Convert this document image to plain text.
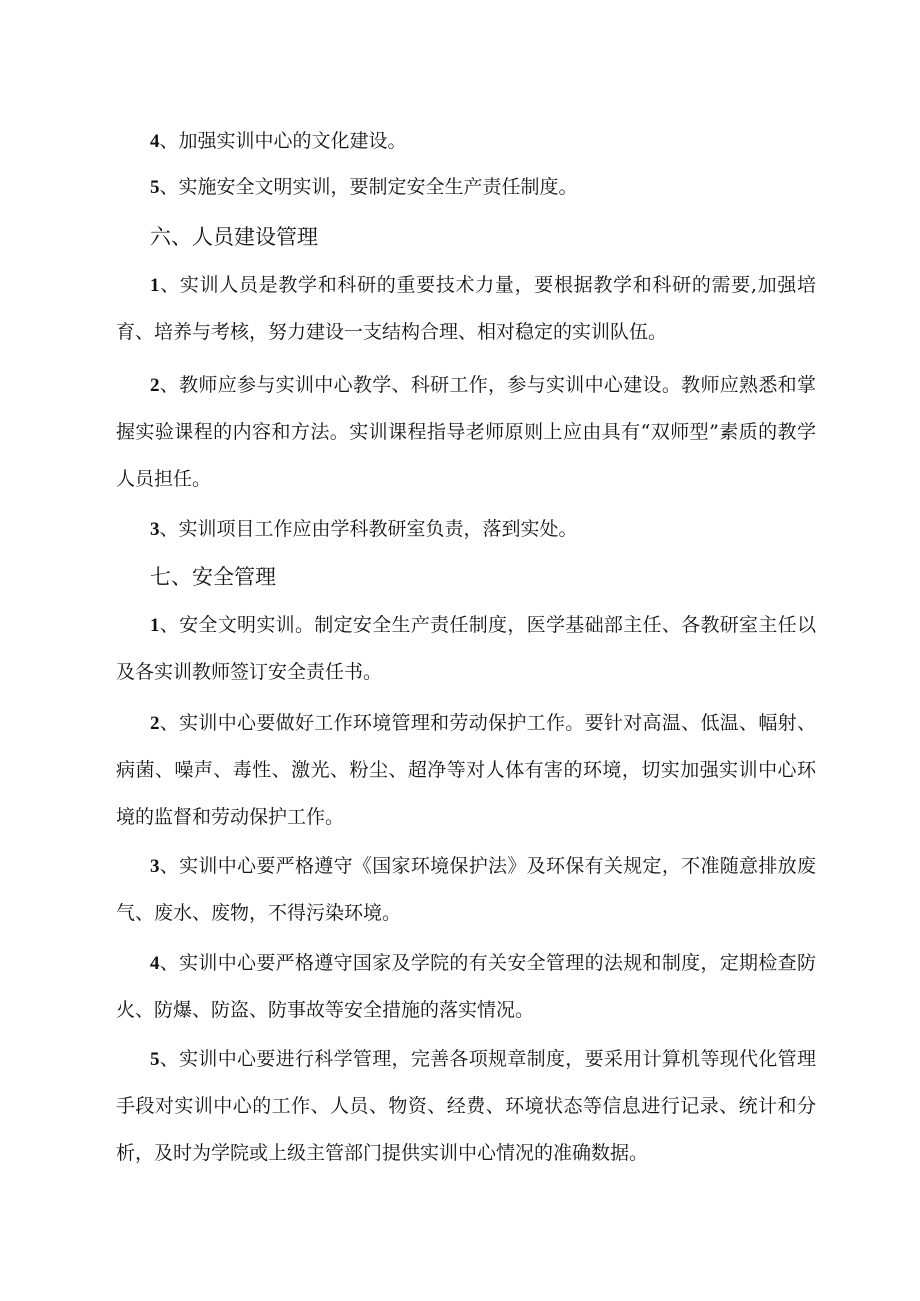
4、加强实训中心的文化建设。

5、实施安全文明实训，要制定安全生产责任制度。

六、人员建设管理

1、实训人员是教学和科研的重要技术力量，要根据教学和科研的需要,加强培育、培养与考核，努力建设一支结构合理、相对稳定的实训队伍。

2、教师应参与实训中心教学、科研工作，参与实训中心建设。教师应熟悉和掌握实验课程的内容和方法。实训课程指导老师原则上应由具有“双师型”素质的教学人员担任。

3、实训项目工作应由学科教研室负责，落到实处。

七、安全管理

1、安全文明实训。制定安全生产责任制度，医学基础部主任、各教研室主任以及各实训教师签订安全责任书。

2、实训中心要做好工作环境管理和劳动保护工作。要针对高温、低温、幅射、病菌、噪声、毒性、激光、粉尘、超净等对人体有害的环境，切实加强实训中心环境的监督和劳动保护工作。

3、实训中心要严格遵守《国家环境保护法》及环保有关规定，不准随意排放废气、废水、废物，不得污染环境。

4、实训中心要严格遵守国家及学院的有关安全管理的法规和制度，定期检查防火、防爆、防盗、防事故等安全措施的落实情况。

5、实训中心要进行科学管理，完善各项规章制度，要采用计算机等现代化管理手段对实训中心的工作、人员、物资、经费、环境状态等信息进行记录、统计和分析，及时为学院或上级主管部门提供实训中心情况的准确数据。
